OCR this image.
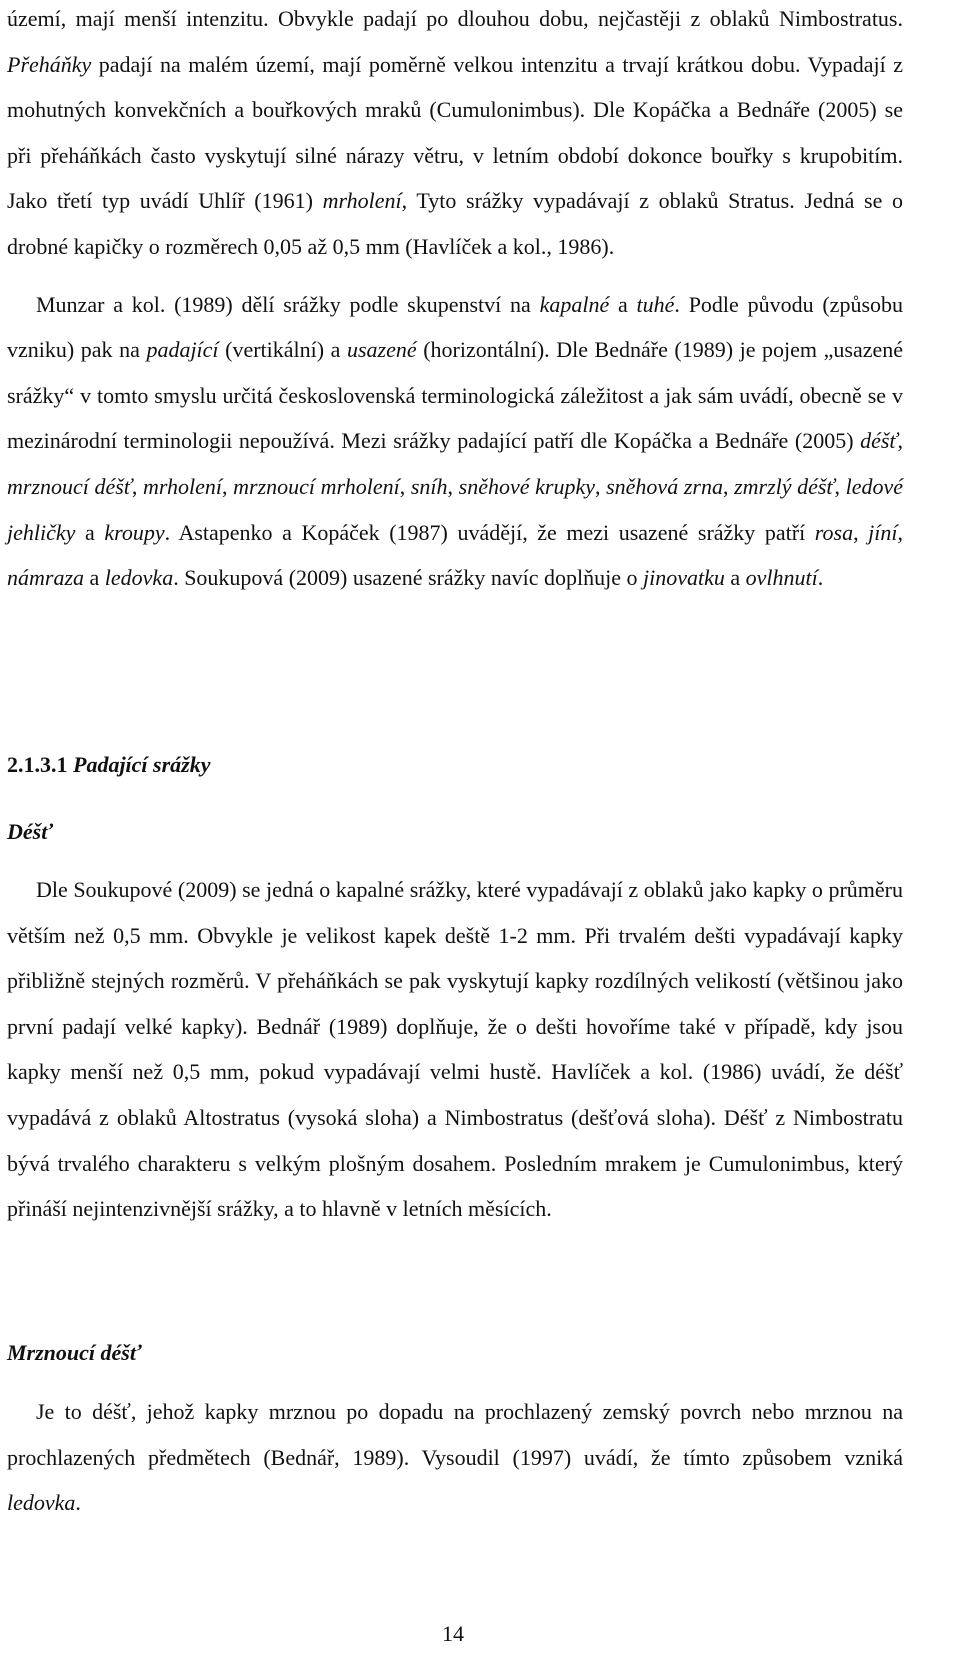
území, mají menší intenzitu. Obvykle padají po dlouhou dobu, nejčastěji z oblaků Nimbostratus. Přeháňky padají na malém území, mají poměrně velkou intenzitu a trvají krátkou dobu. Vypadají z mohutných konvekčních a bouřkových mraků (Cumulonimbus). Dle Kopáčka a Bednáře (2005) se při přeháňkách často vyskytují silné nárazy větru, v letním období dokonce bouřky s krupobitím. Jako třetí typ uvádí Uhlíř (1961) mrholení, Tyto srážky vypadávají z oblaků Stratus. Jedná se o drobné kapičky o rozměrech 0,05 až 0,5 mm (Havlíček a kol., 1986).

Munzar a kol. (1989) dělí srážky podle skupenství na kapalné a tuhé. Podle původu (způsobu vzniku) pak na padající (vertikální) a usazené (horizontální). Dle Bednáře (1989) je pojem „usazené srážky“ v tomto smyslu určitá československá terminologická záležitost a jak sám uvádí, obecně se v mezinárodní terminologii nepoužívá. Mezi srážky padající patří dle Kopáčka a Bednáře (2005) déšť, mrznoucí déšť, mrholení, mrznoucí mrholení, sníh, sněhové krupky, sněhová zrna, zmrzlý déšť, ledové jehličky a kroupy. Astapenko a Kopáček (1987) uvádějí, že mezi usazené srážky patří rosa, jíní, námraza a ledovka. Soukupová (2009) usazené srážky navíc doplňuje o jinovatku a ovlhnutí.

2.1.3.1 Padající srážky
Déšť

Dle Soukupové (2009) se jedná o kapalné srážky, které vypadávají z oblaků jako kapky o průměru větším než 0,5 mm. Obvykle je velikost kapek deště 1-2 mm. Při trvalém dešti vypadávají kapky přibližně stejných rozměrů. V přeháňkách se pak vyskytují kapky rozdílných velikostí (většinou jako první padají velké kapky). Bednář (1989) doplňuje, že o dešti hovoříme také v případě, kdy jsou kapky menší než 0,5 mm, pokud vypadávají velmi hustě. Havlíček a kol. (1986) uvádí, že déšť vypadává z oblaků Altostratus (vysoká sloha) a Nimbostratus (dešťová sloha). Déšť z Nimbostratu bývá trvalého charakteru s velkým plošným dosahem. Posledním mrakem je Cumulonimbus, který přináší nejintenzivnější srážky, a to hlavně v letních měsících.

Mrznoucí déšť

Je to déšť, jehož kapky mrznou po dopadu na prochlazený zemský povrch nebo mrznou na prochlazených předmětech (Bednář, 1989). Vysoudil (1997) uvádí, že tímto způsobem vzniká ledovka.

14
